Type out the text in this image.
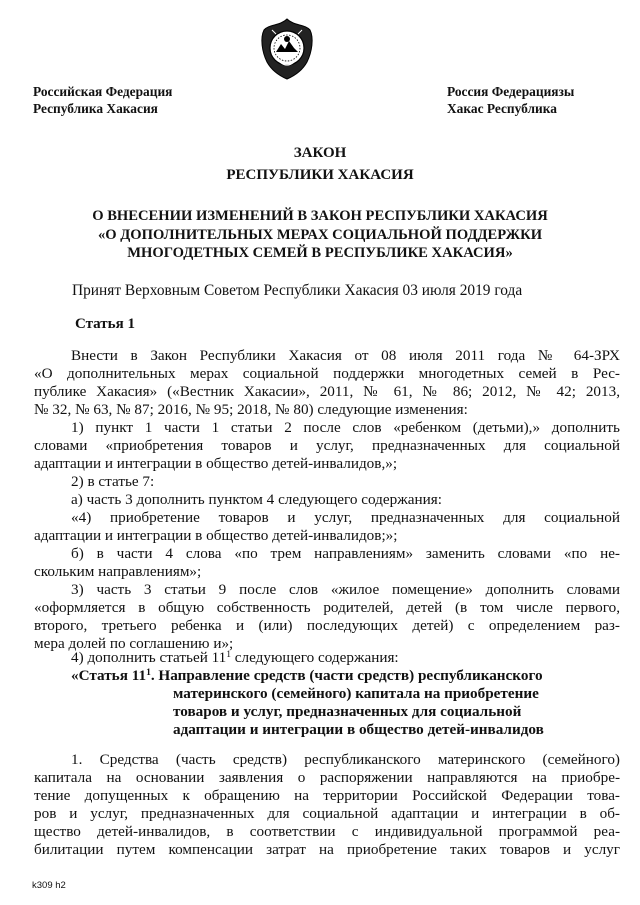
Российская Федерация
Республика Хакасия
Россия Федерациязы
Хакас Республика
ЗАКОН
РЕСПУБЛИКИ ХАКАСИЯ
О ВНЕСЕНИИ ИЗМЕНЕНИЙ В ЗАКОН РЕСПУБЛИКИ ХАКАСИЯ
«О ДОПОЛНИТЕЛЬНЫХ МЕРАХ СОЦИАЛЬНОЙ ПОДДЕРЖКИ
МНОГОДЕТНЫХ СЕМЕЙ В РЕСПУБЛИКЕ ХАКАСИЯ»
Принят Верховным Советом Республики Хакасия 03 июля 2019 года
Статья 1
Внести в Закон Республики Хакасия от 08 июля 2011 года № 64-ЗРХ
«О дополнительных мерах социальной поддержки многодетных семей в Рес-
публике Хакасия» («Вестник Хакасии», 2011, № 61, № 86; 2012, № 42; 2013,
№ 32, № 63, № 87; 2016, № 95; 2018, № 80) следующие изменения:
1) пункт 1 части 1 статьи 2 после слов «ребенком (детьми),» дополнить
словами «приобретения товаров и услуг, предназначенных для социальной
адаптации и интеграции в общество детей-инвалидов,»;
2) в статье 7:
а) часть 3 дополнить пунктом 4 следующего содержания:
«4) приобретение товаров и услуг, предназначенных для социальной
адаптации и интеграции в общество детей-инвалидов;»;
б) в части 4 слова «по трем направлениям» заменить словами «по не-
скольким направлениям»;
3) часть 3 статьи 9 после слов «жилое помещение» дополнить словами
«оформляется в общую собственность родителей, детей (в том числе первого,
второго, третьего ребенка и (или) последующих детей) с определением раз-
мера долей по соглашению и»;
4) дополнить статьей $11^1$ следующего содержания:
«Статья $11^1$. Направление средств (части средств) республиканского
материнского (семейного) капитала на приобретение
товаров и услуг, предназначенных для социальной
адаптации и интеграции в общество детей-инвалидов
1. Средства (часть средств) республиканского материнского (семейного)
капитала на основании заявления о распоряжении направляются на приобре-
тение допущенных к обращению на территории Российской Федерации това-
ров и услуг, предназначенных для социальной адаптации и интеграции в об-
щество детей-инвалидов, в соответствии с индивидуальной программой реа-
билитации путем компенсации затрат на приобретение таких товаров и услуг
k309 h2
